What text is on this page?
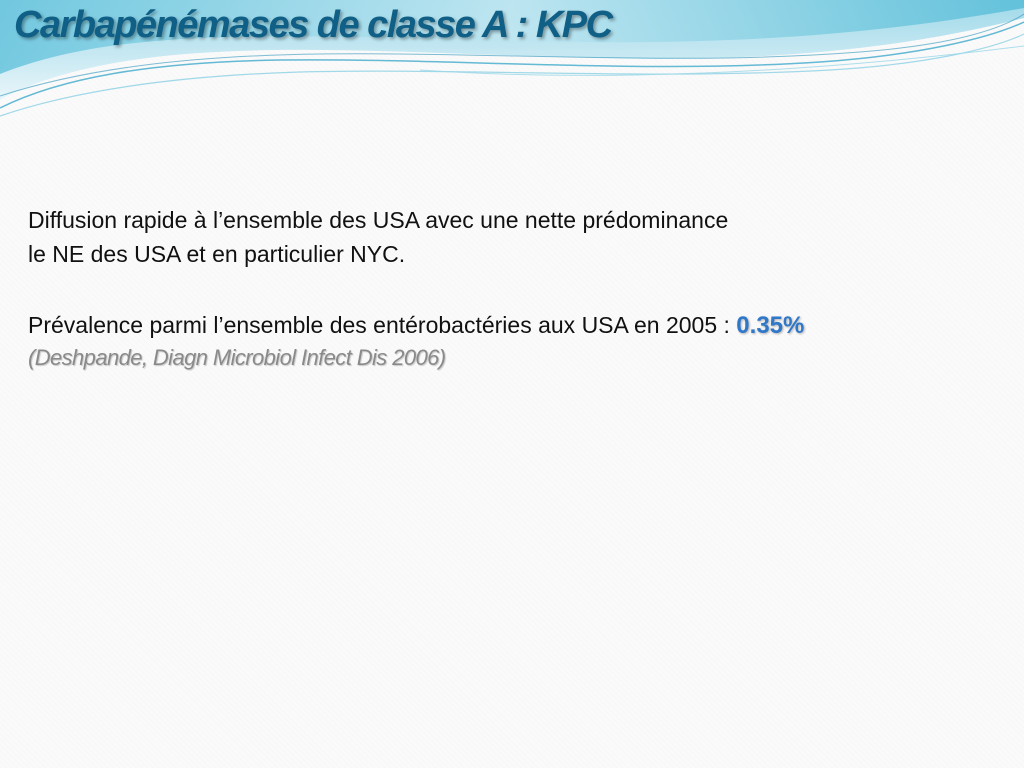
Carbapénémases de classe A : KPC
Diffusion rapide à l’ensemble des USA avec une nette prédominance
le NE des USA et en particulier NYC.
Prévalence parmi l’ensemble des entérobactéries aux USA en 2005 : 0.35%
(Deshpande, Diagn Microbiol Infect Dis 2006)
